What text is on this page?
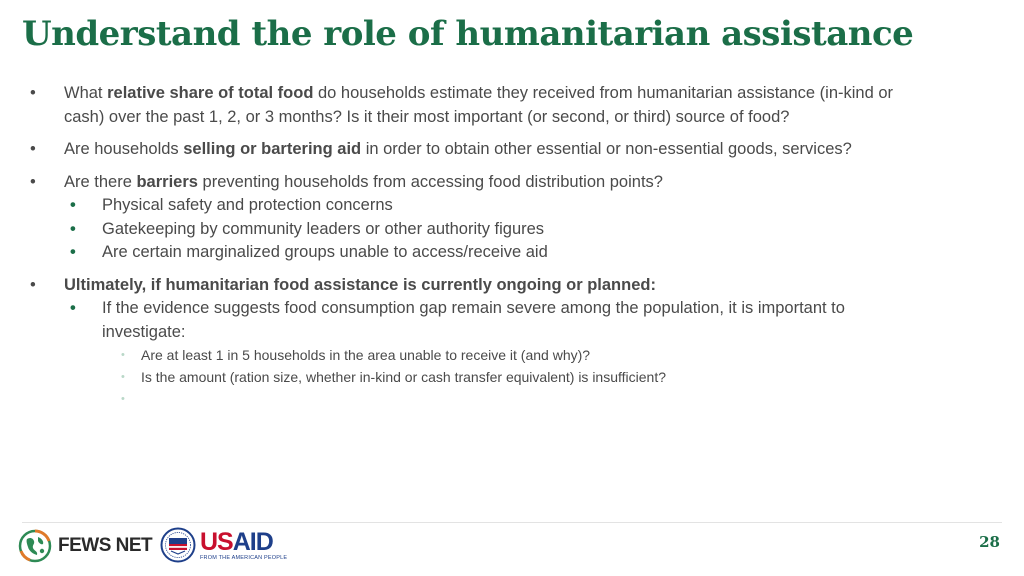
Understand the role of humanitarian assistance
• What relative share of total food do households estimate they received from humanitarian assistance (in-kind or cash) over the past 1, 2, or 3 months? Is it their most important (or second, or third) source of food?
• Are households selling or bartering aid in order to obtain other essential or non-essential goods, services?
• Are there barriers preventing households from accessing food distribution points?
• Physical safety and protection concerns
• Gatekeeping by community leaders or other authority figures
• Are certain marginalized groups unable to access/receive aid
• Ultimately, if humanitarian food assistance is currently ongoing or planned:
• If the evidence suggests food consumption gap remain severe among the population, it is important to investigate:
• Are at least 1 in 5 households in the area unable to receive it (and why)?
• Is the amount (ration size, whether in-kind or cash transfer equivalent) is insufficient?
•
FEWS NET USAID
FROM THE AMERICAN PEOPLE
28
